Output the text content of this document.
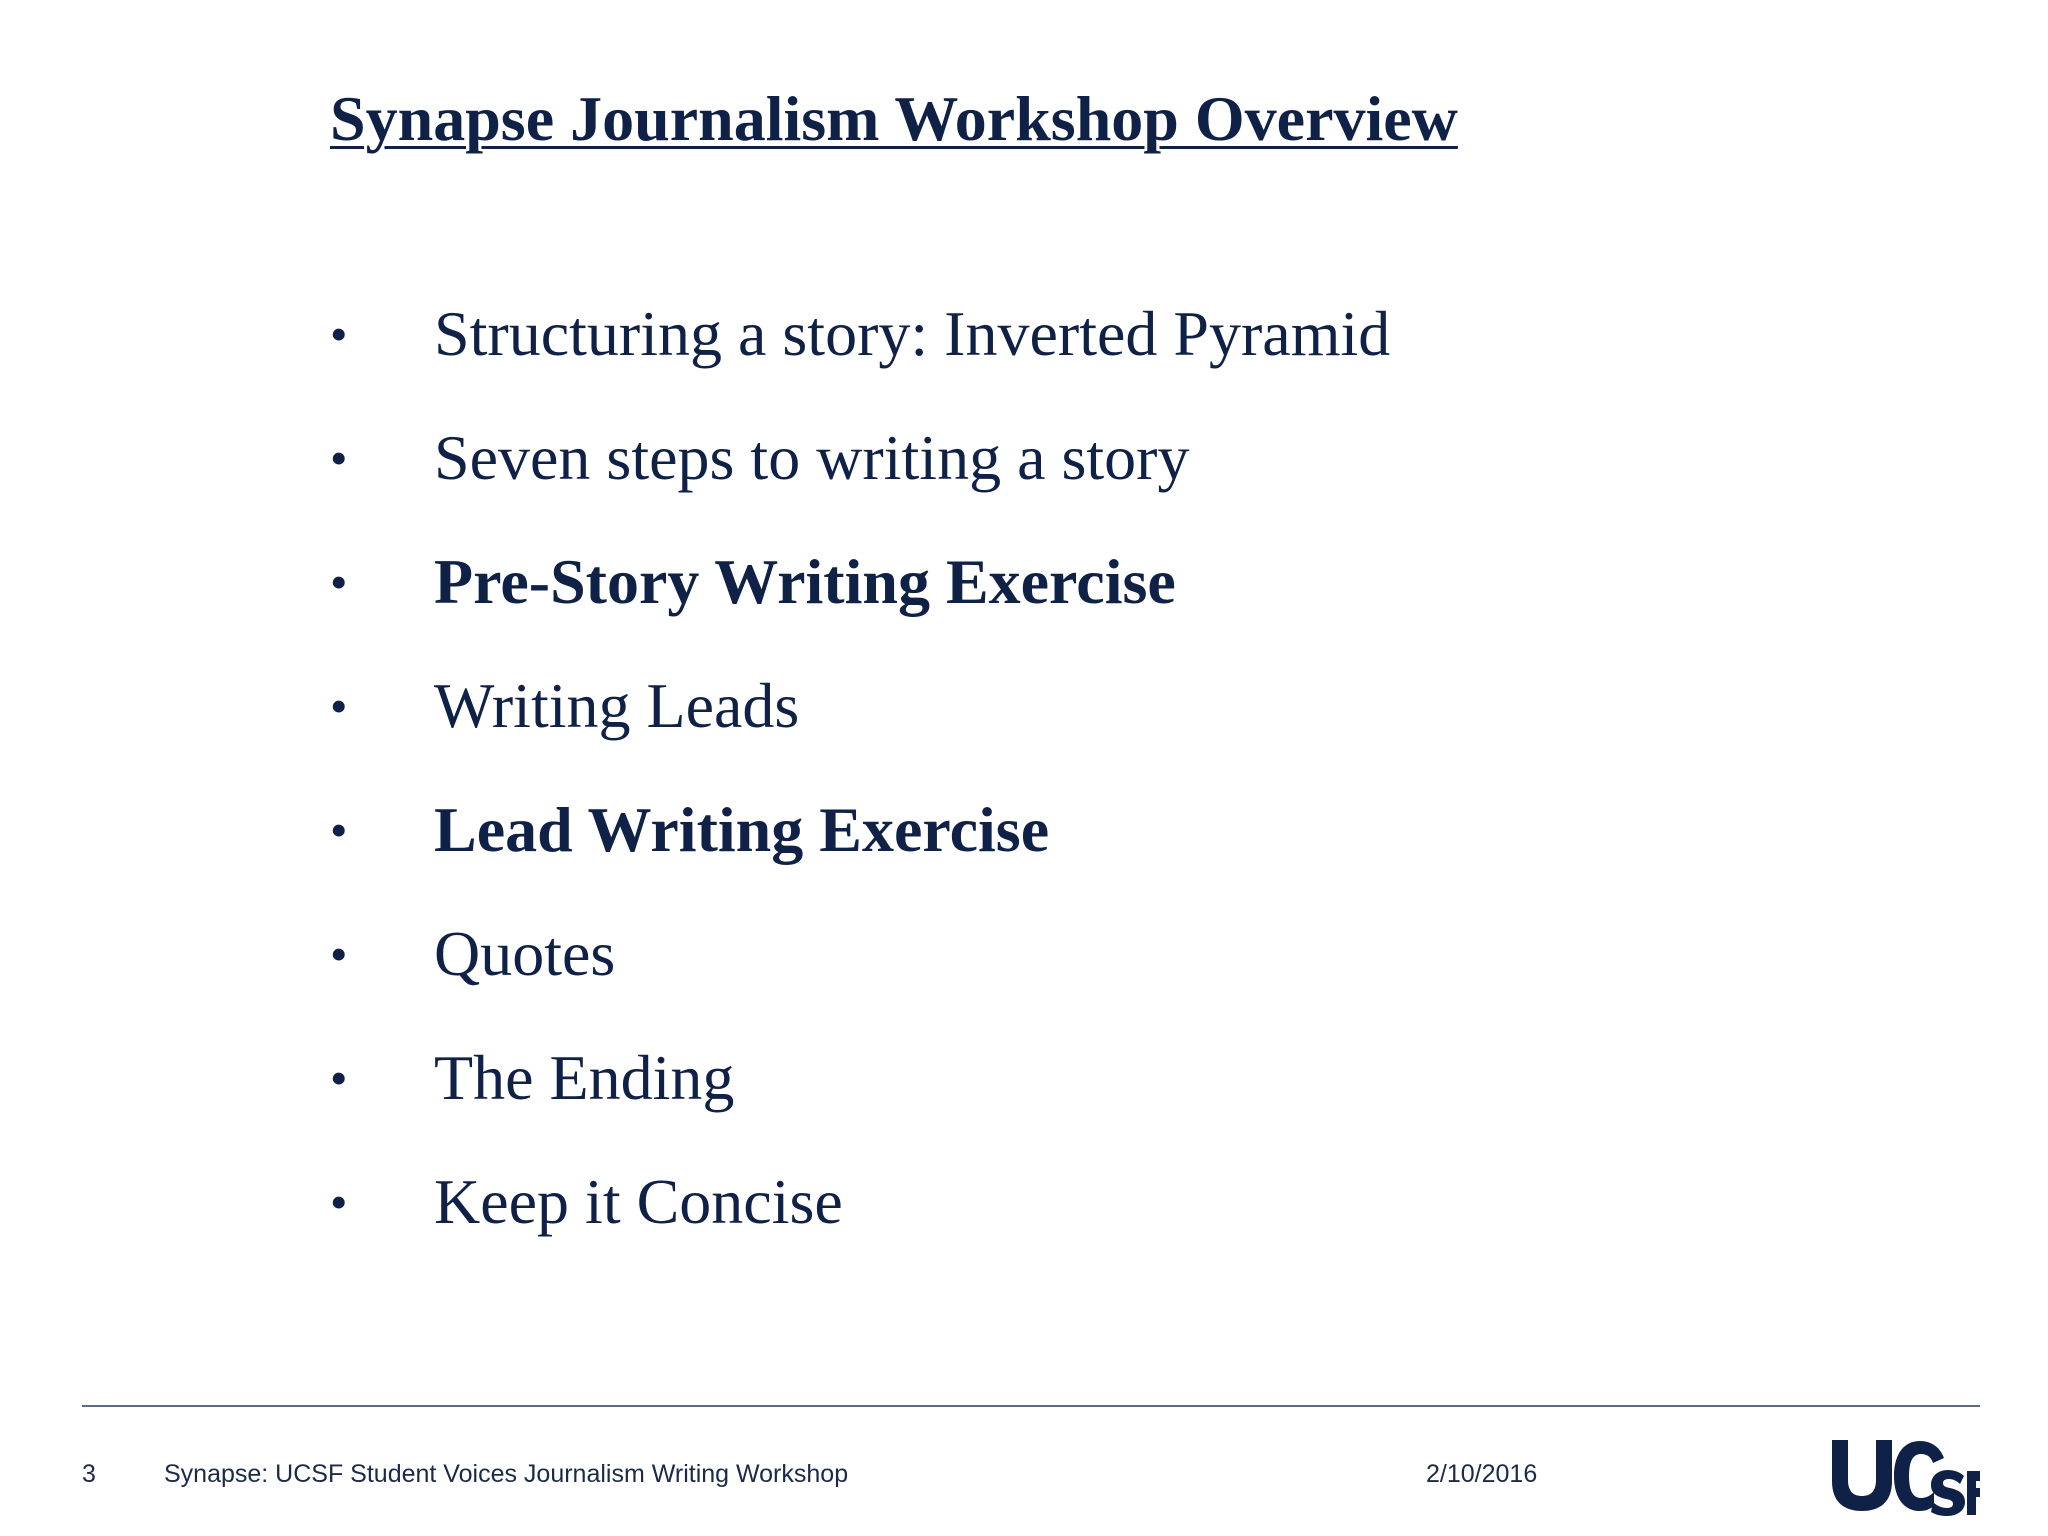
Synapse Journalism Workshop Overview
•	Structuring a story: Inverted Pyramid
•	Seven steps to writing a story
•	Pre-Story Writing Exercise
•	Writing Leads
•	Lead Writing Exercise
•	Quotes
•	The Ending
•	Keep it Concise
3	Synapse: UCSF Student Voices Journalism Writing Workshop	2/10/2016
